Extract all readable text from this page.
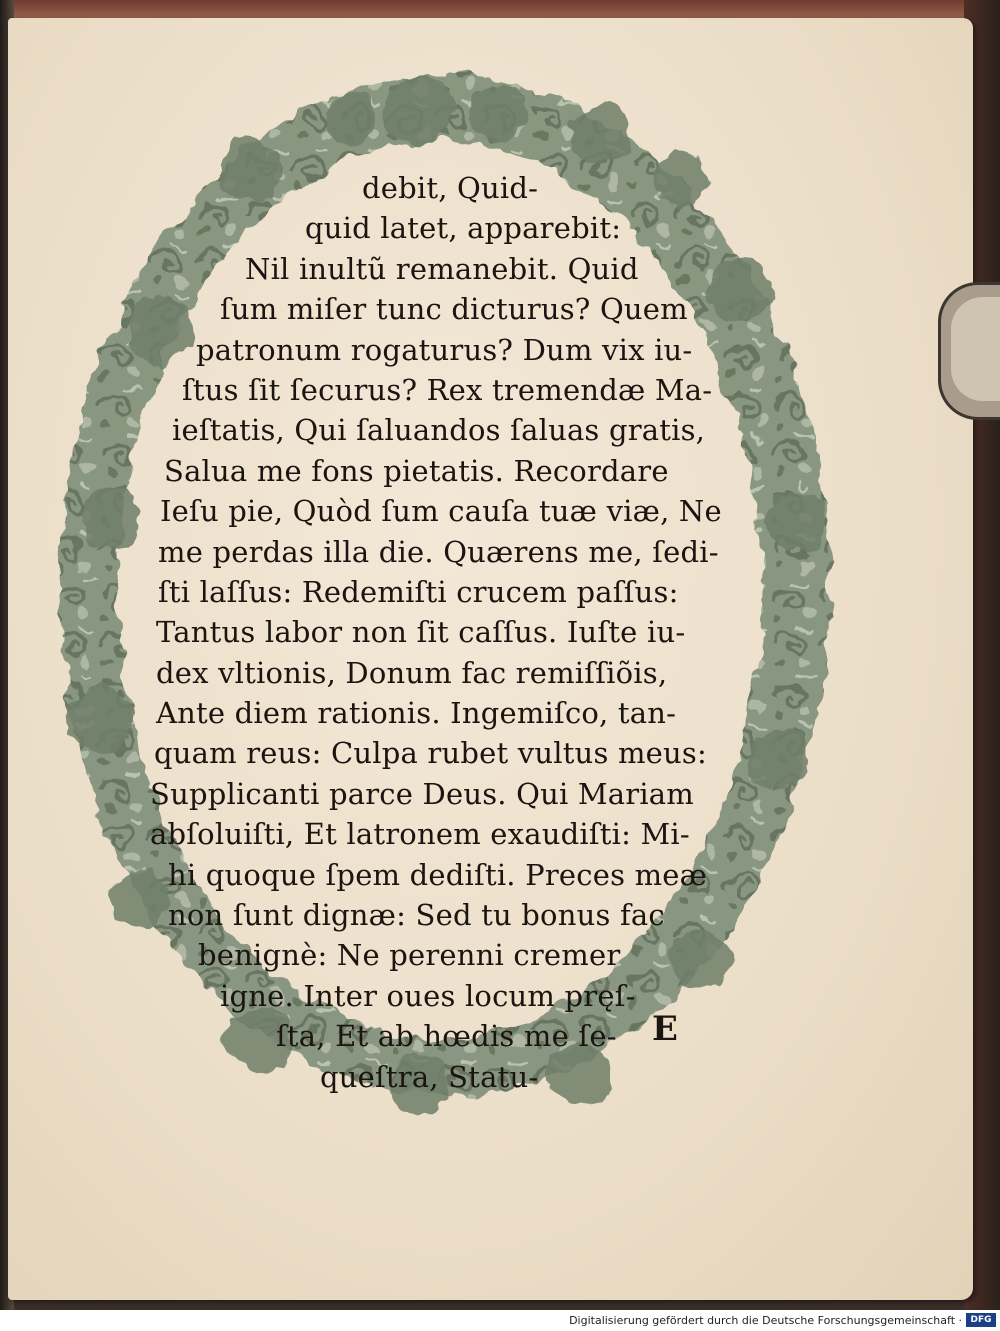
debit, Quid-
quid latet, apparebit:
Nil inultũ remanebit. Quid
ſum miſer tunc dicturus? Quem
patronum rogaturus? Dum vix iu-
ſtus ſit ſecurus? Rex tremendæ Ma-
ieſtatis, Qui ſaluandos ſaluas gratis,
Salua me fons pietatis. Recordare
Ieſu pie, Quòd ſum cauſa tuæ viæ, Ne
me perdas illa die. Quærens me, ſedi-
ſti laſſus: Redemiſti crucem paſſus:
Tantus labor non ſit caſſus. Iuſte iu-
dex vltionis, Donum fac remiſſiõis,
Ante diem rationis. Ingemiſco, tan-
quam reus: Culpa rubet vultus meus:
Supplicanti parce Deus. Qui Mariam
abſoluiſti, Et latronem exaudiſti: Mi-
hi quoque ſpem dediſti. Preces meæ
non ſunt dignæ: Sed tu bonus fac
benignè: Ne perenni cremer
igne. Inter oues locum pręſ-
ſta, Et ab hœdis me ſe-
queſtra, Statu-
E
Digitalisierung gefördert durch die Deutsche Forschungsgemeinschaft · DFG
